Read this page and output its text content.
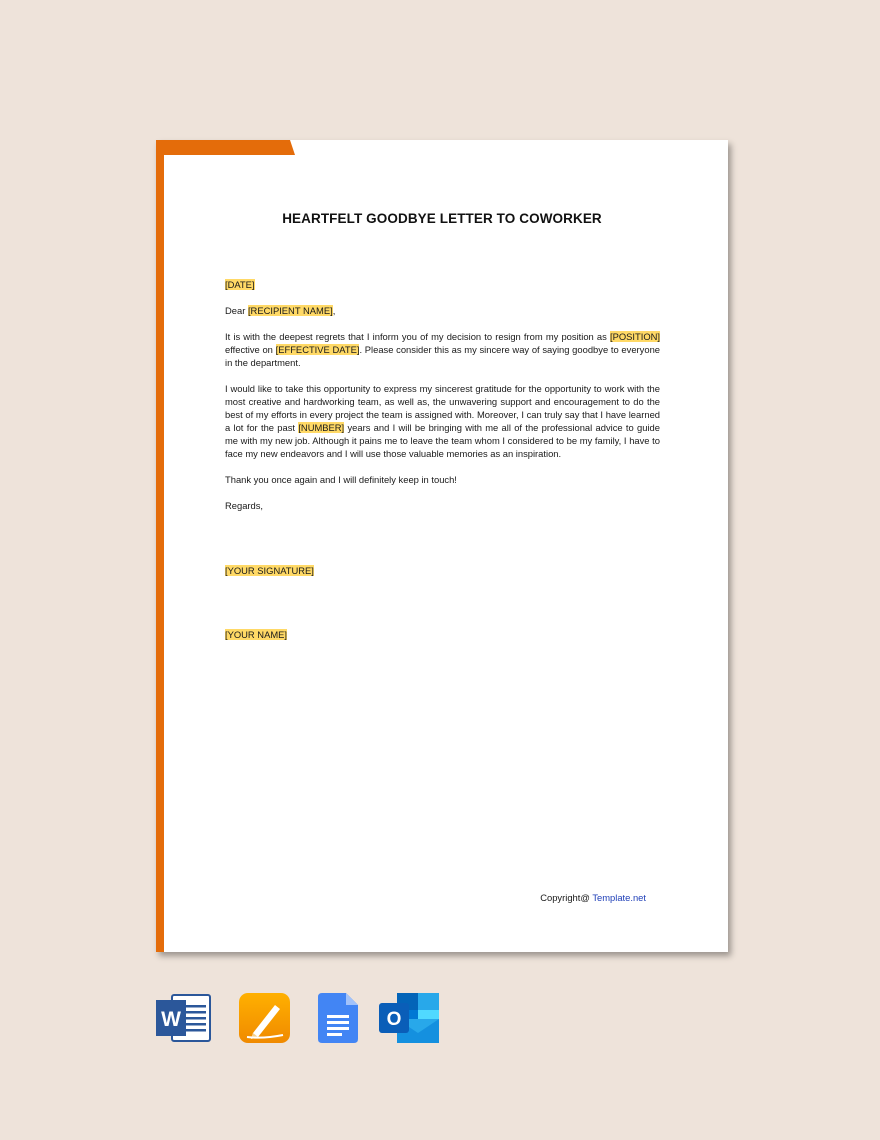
HEARTFELT GOODBYE LETTER TO COWORKER

[DATE]

Dear [RECIPIENT NAME],

It is with the deepest regrets that I inform you of my decision to resign from my position as [POSITION] effective on [EFFECTIVE DATE]. Please consider this as my sincere way of saying goodbye to everyone in the department.

I would like to take this opportunity to express my sincerest gratitude for the opportunity to work with the most creative and hardworking team, as well as, the unwavering support and encouragement to do the best of my efforts in every project the team is assigned with. Moreover, I can truly say that I have learned a lot for the past [NUMBER] years and I will be bringing with me all of the professional advice to guide me with my new job. Although it pains me to leave the team whom I considered to be my family, I have to face my new endeavors and I will use those valuable memories as an inspiration.

Thank you once again and I will definitely keep in touch!

Regards,

[YOUR SIGNATURE]

[YOUR NAME]

Copyright@ Template.net
W	O
